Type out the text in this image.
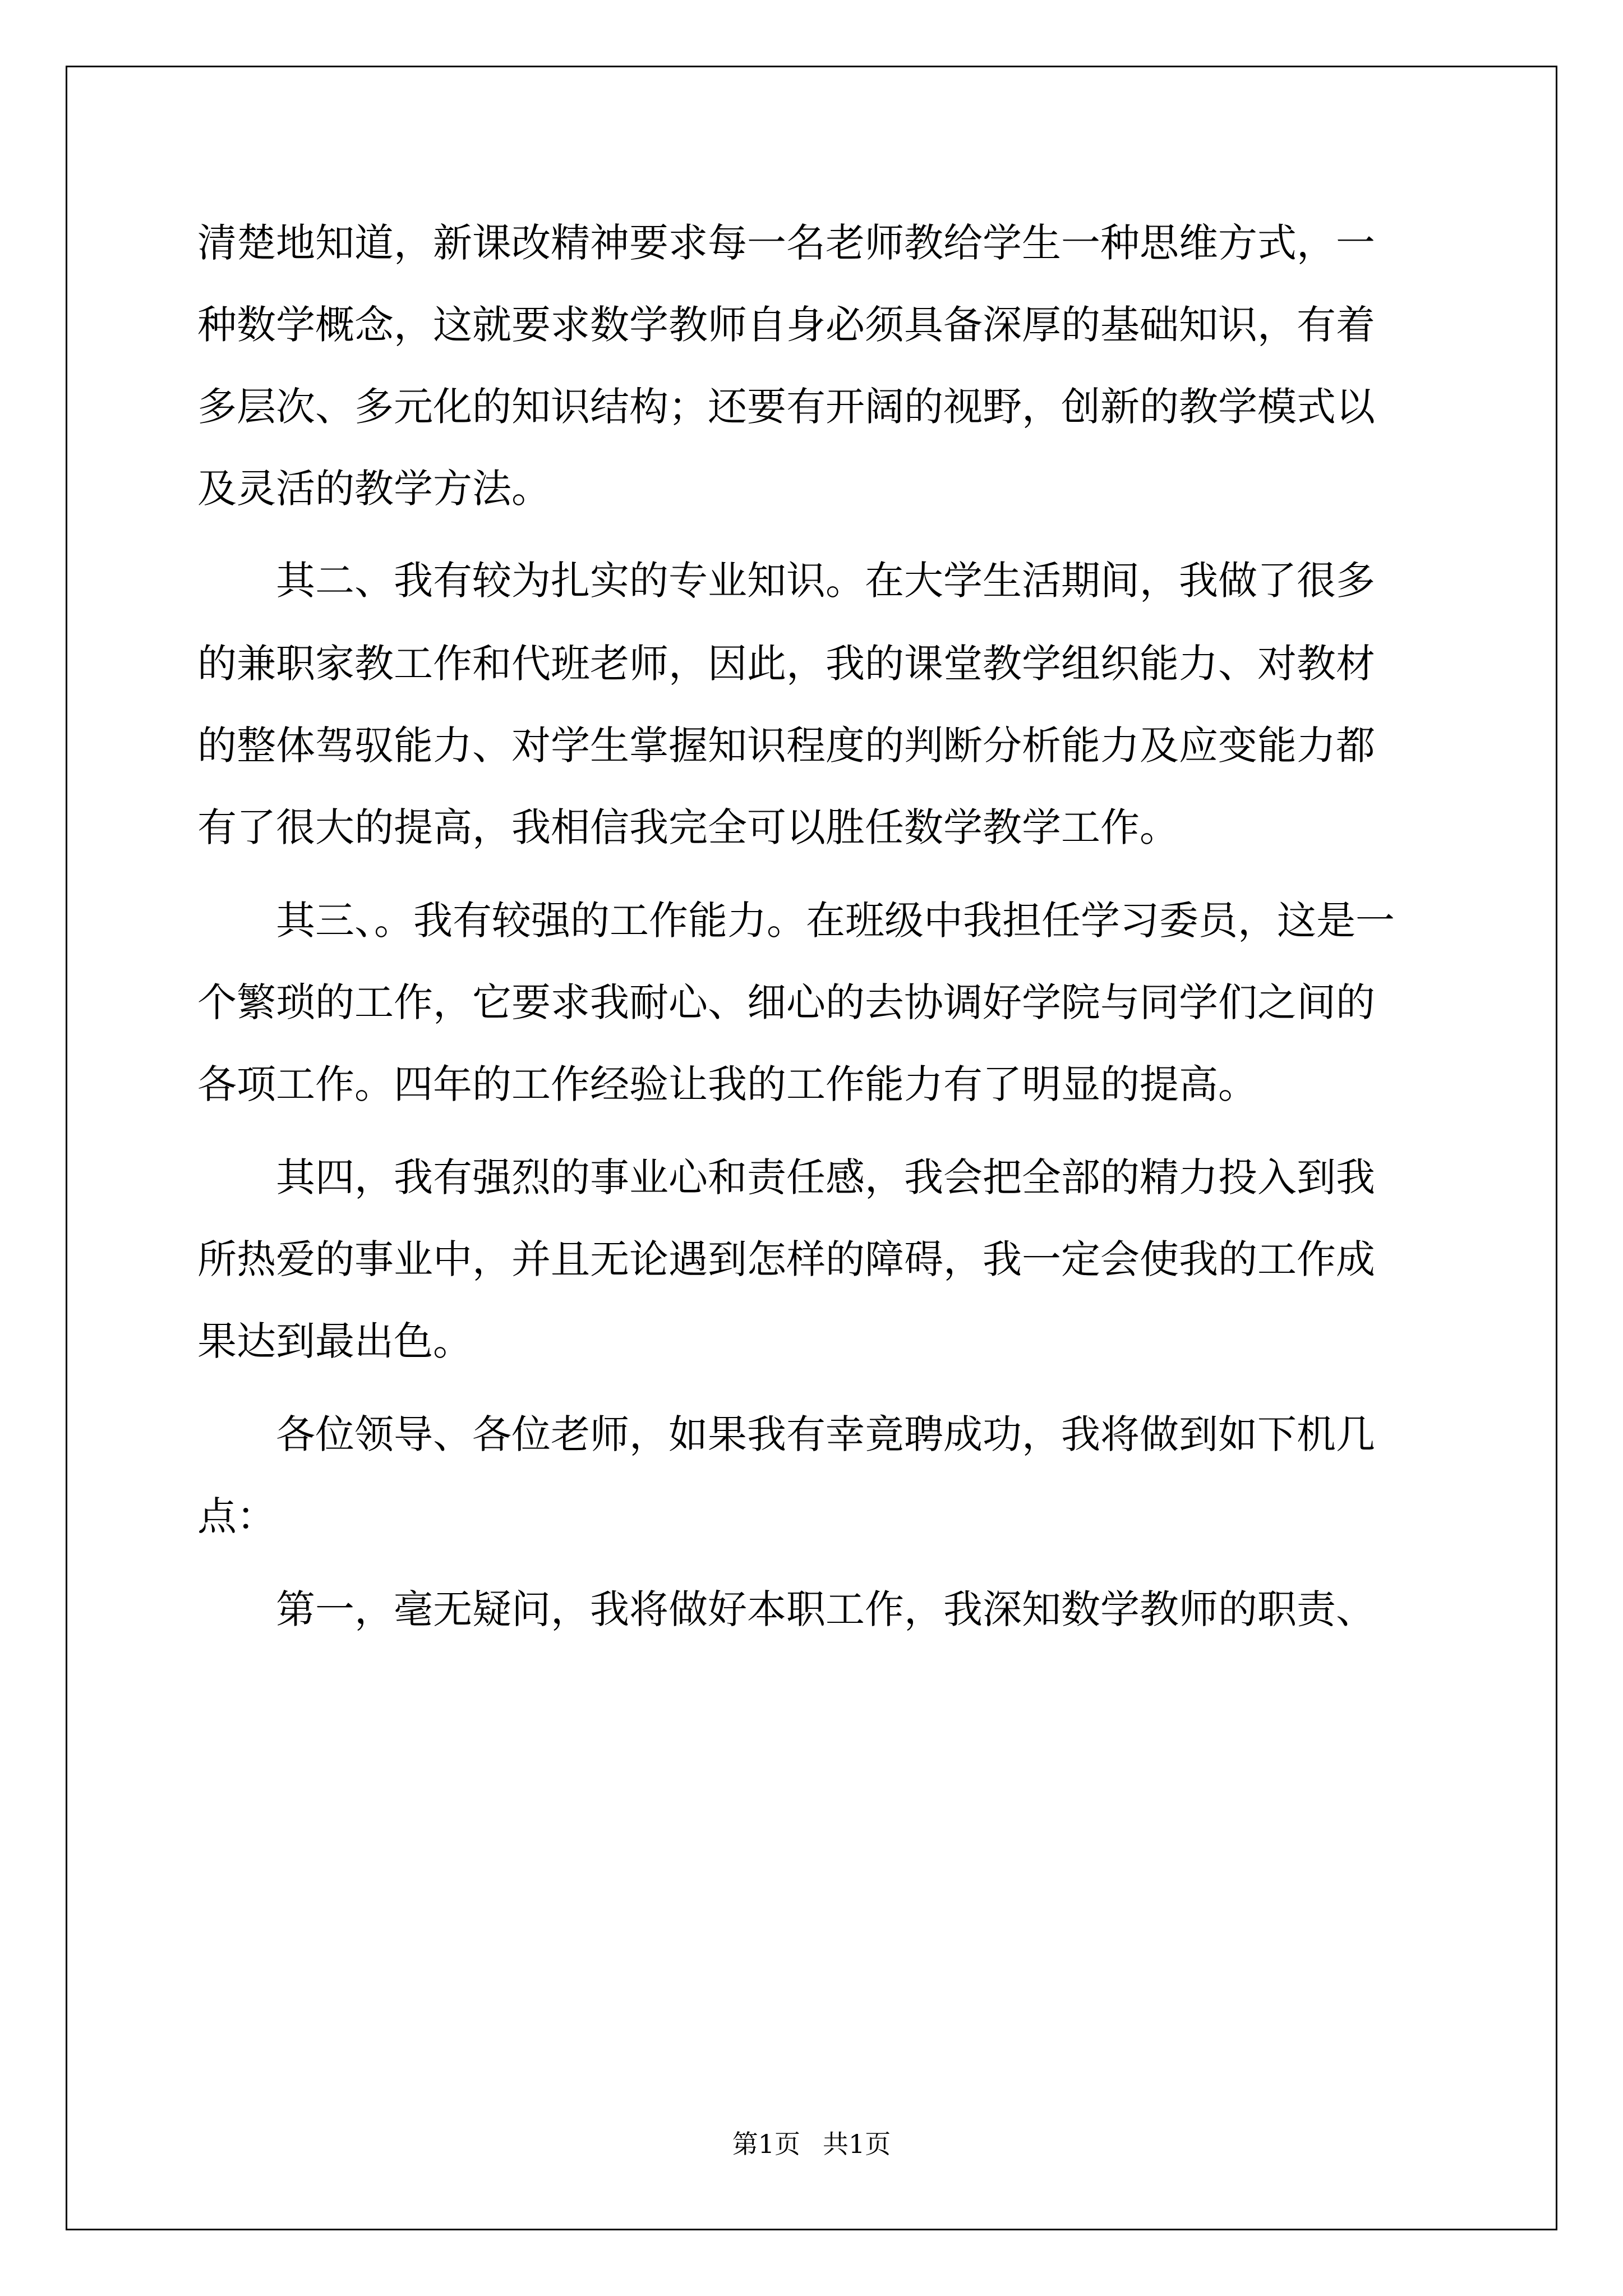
清楚地知道，新课改精神要求每一名老师教给学生一种思维方式，一
种数学概念，这就要求数学教师自身必须具备深厚的基础知识，有着
多层次、多元化的知识结构；还要有开阔的视野，创新的教学模式以
及灵活的教学方法。
　　其二、我有较为扎实的专业知识。在大学生活期间，我做了很多
的兼职家教工作和代班老师，因此，我的课堂教学组织能力、对教材
的整体驾驭能力、对学生掌握知识程度的判断分析能力及应变能力都
有了很大的提高，我相信我完全可以胜任数学教学工作。
　　其三、。我有较强的工作能力。在班级中我担任学习委员，这是一
个繁琐的工作，它要求我耐心、细心的去协调好学院与同学们之间的
各项工作。四年的工作经验让我的工作能力有了明显的提高。
　　其四，我有强烈的事业心和责任感，我会把全部的精力投入到我
所热爱的事业中，并且无论遇到怎样的障碍，我一定会使我的工作成
果达到最出色。
　　各位领导、各位老师，如果我有幸竟聘成功，我将做到如下机几
点：
　　第一，毫无疑问，我将做好本职工作，我深知数学教师的职责、
第1页 共1页
